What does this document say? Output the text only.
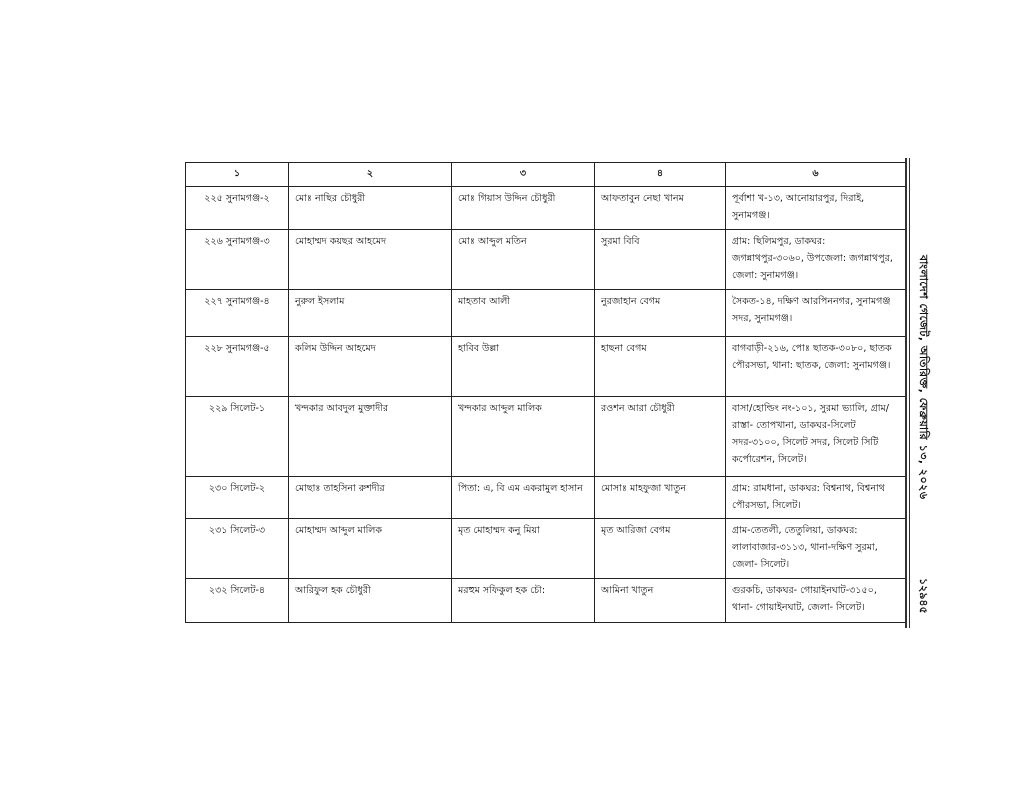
১	২	৩	৪	৬
২২৫ সুনামগঞ্জ-২	মোঃ নাছির চৌধুরী	মোঃ গিয়াস উদ্দিন চৌধুরী	আফতাবুন নেছা খানম	পূর্বাশা খ-১৩, আনোয়ারপুর, দিরাই, সুনামগঞ্জ।
২২৬ সুনামগঞ্জ-৩	মোহাম্মদ কয়ছর আহমেদ	মোঃ আব্দুল মতিন	সুরমা বিবি	গ্রাম: ছিলিমপুর, ডাকঘর: জগন্নাথপুর-৩০৬০, উপজেলা: জগন্নাথপুর, জেলা: সুনামগঞ্জ।
২২৭ সুনামগঞ্জ-৪	নুরুল ইসলাম	মাহতাব আলী	নুরজাহান বেগম	সৈকত-১৪, দক্ষিণ আরপিননগর, সুনামগঞ্জ সদর, সুনামগঞ্জ।
২২৮ সুনামগঞ্জ-৫	কলিম উদ্দিন আহমেদ	হাবিব উল্লা	হাছনা বেগম	বাগবাড়ী-২১৬, পোঃ ছাতক-৩০৮০, ছাতক পৌরসভা, থানা: ছাতক, জেলা: সুনামগঞ্জ।
২২৯ সিলেট-১	খন্দকার আবদুল মুক্তাদীর	খন্দকার আব্দুল মালিক	রওশন আরা চৌধুরী	বাসা/হোল্ডিং নং-১০১, সুরমা ভ্যালি, গ্রাম/রাস্তা- তোপখানা, ডাকঘর-সিলেট সদর-৩১০০, সিলেট সদর, সিলেট সিটি কর্পোরেশন, সিলেট।
২৩০ সিলেট-২	মোছাঃ তাহসিনা রুশদীর	পিতা: এ, বি এম একরামুল হাসান	মোসাঃ মাহফুজা খাতুন	গ্রাম: রামধানা, ডাকঘর: বিশ্বনাথ, বিশ্বনাথ পৌরসভা, সিলেট।
২৩১ সিলেট-৩	মোহাম্মদ আব্দুল মালিক	মৃত মোহাম্মদ কনু মিয়া	মৃত আরিজা বেগম	গ্রাম-তেতলী, তেতুলিয়া, ডাকঘর: লালাবাজার-৩১১৩, থানা-দক্ষিণ সুরমা, জেলা- সিলেট।
২৩২ সিলেট-৪	আরিফুল হক চৌধুরী	মরহুম সফিকুল হক চৌ:	আমিনা খাতুন	গুরকচি, ডাকঘর- গোয়াইনঘাট-৩১৫০, থানা- গোয়াইনঘাট, জেলা- সিলেট।
বাংলাদেশ গেজেট, অতিরিক্ত, ফেব্রুয়ারি ১৩, ২০২৬
১২৯৪৫
